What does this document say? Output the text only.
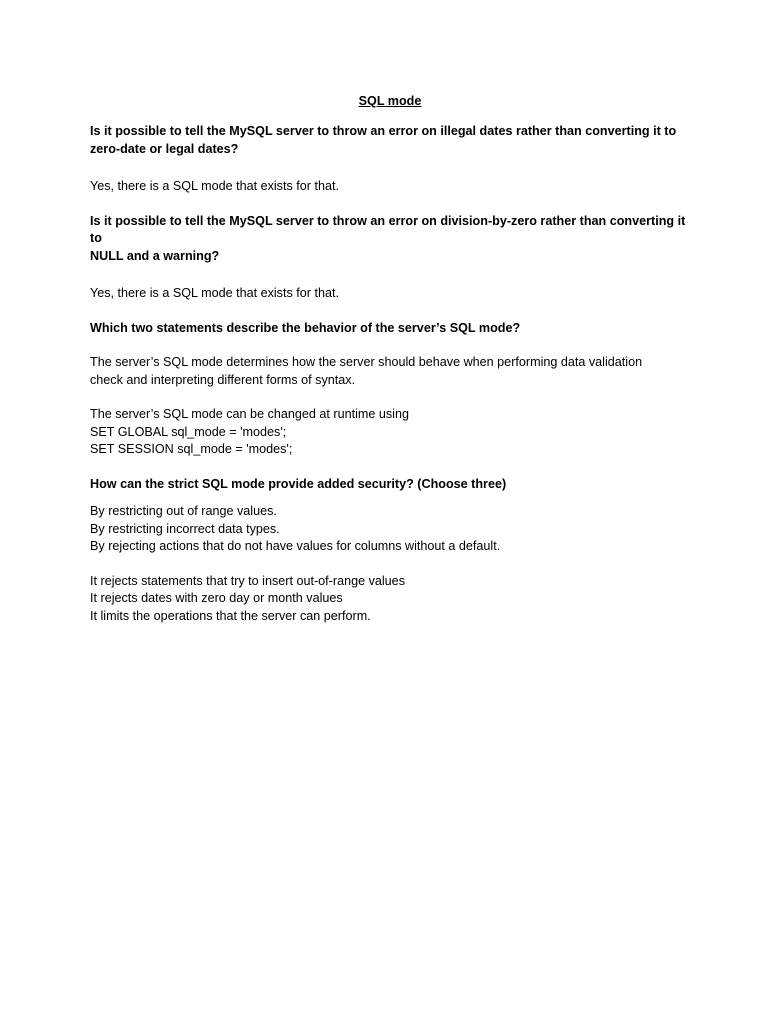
SQL mode

Is it possible to tell the MySQL server to throw an error on illegal dates rather than converting it to
zero-date or legal dates?

Yes, there is a SQL mode that exists for that.

Is it possible to tell the MySQL server to throw an error on division-by-zero rather than converting it to
NULL and a warning?

Yes, there is a SQL mode that exists for that.

Which two statements describe the behavior of the server’s SQL mode?

The server’s SQL mode determines how the server should behave when performing data validation
check and interpreting different forms of syntax.

The server’s SQL mode can be changed at runtime using
SET GLOBAL sql_mode = 'modes';
SET SESSION sql_mode = 'modes';

How can the strict SQL mode provide added security? (Choose three)

By restricting out of range values.
By restricting incorrect data types.
By rejecting actions that do not have values for columns without a default.

It rejects statements that try to insert out-of-range values
It rejects dates with zero day or month values
It limits the operations that the server can perform.
